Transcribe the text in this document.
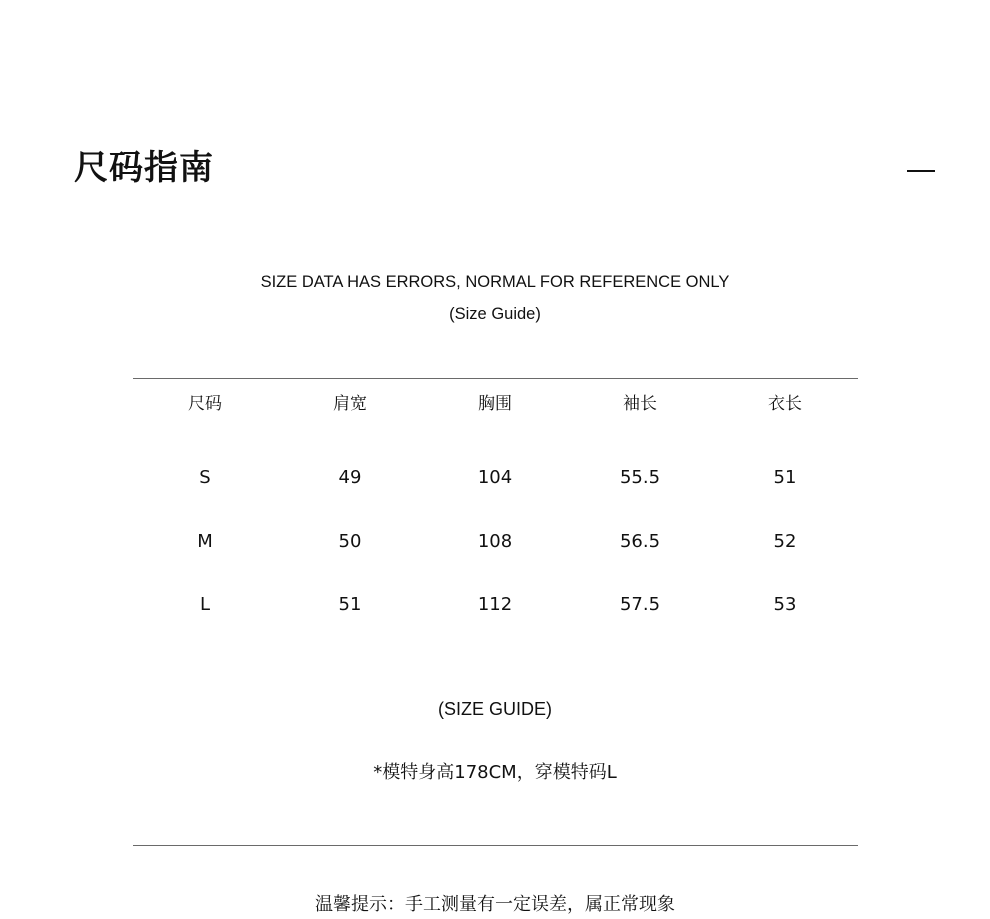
尺码指南
SIZE DATA HAS ERRORS, NORMAL FOR REFERENCE ONLY
(Size Guide)
尺码	肩宽	胸围	袖长	衣长
S	49	104	55.5	51
M	50	108	56.5	52
L	51	112	57.5	53
(SIZE GUIDE)
*模特身高178CM，穿模特码L
温馨提示：手工测量有一定误差，属正常现象
